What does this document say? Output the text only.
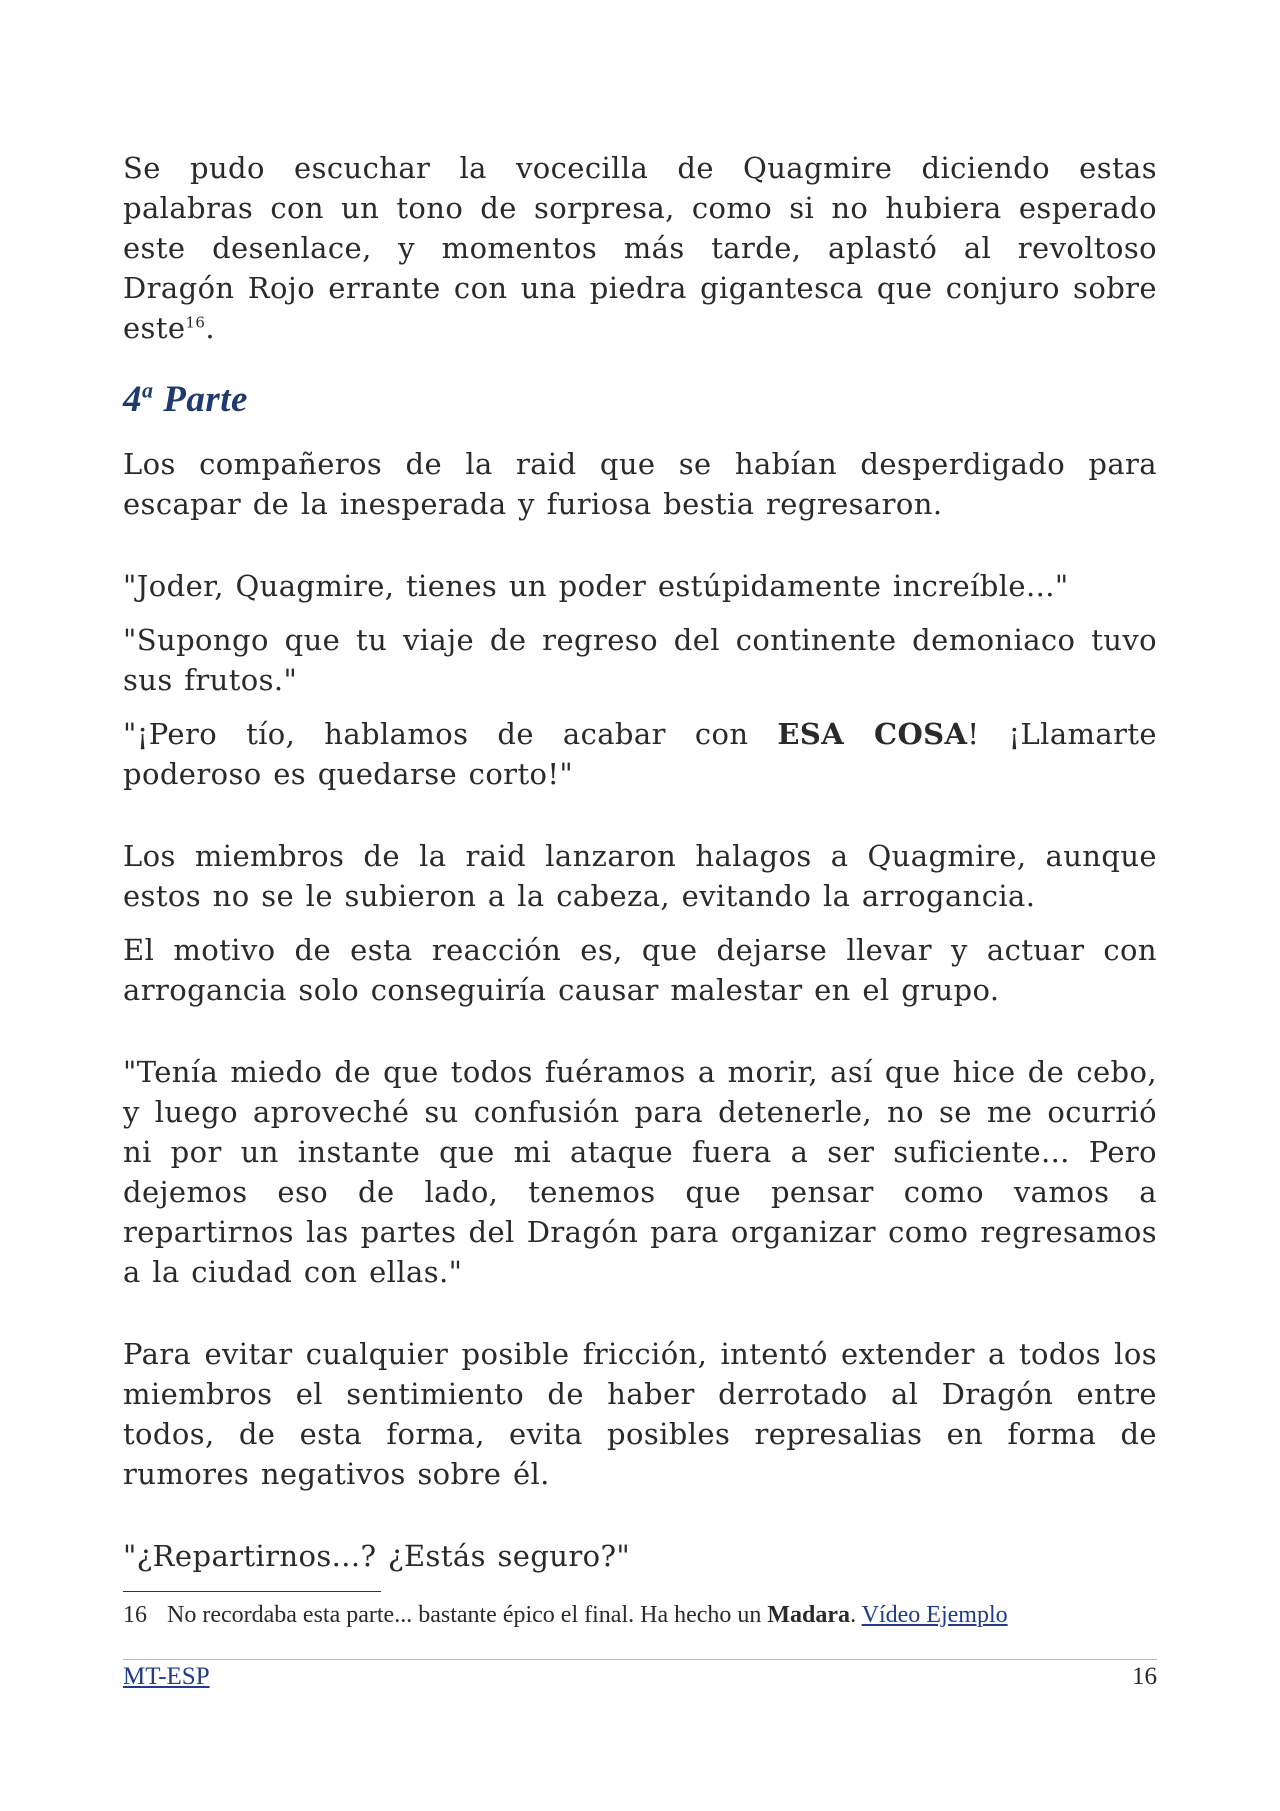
Se pudo escuchar la vocecilla de Quagmire diciendo estas palabras con un tono de sorpresa, como si no hubiera esperado este desenlace, y momentos más tarde, aplastó al revoltoso Dragón Rojo errante con una piedra gigantesca que conjuro sobre este$^{16}$.

4$^a$ Parte

Los compañeros de la raid que se habían desperdigado para escapar de la inesperada y furiosa bestia regresaron.

"Joder, Quagmire, tienes un poder estúpidamente increíble..."

"Supongo que tu viaje de regreso del continente demoniaco tuvo sus frutos."

"¡Pero tío, hablamos de acabar con ESA COSA! ¡Llamarte poderoso es quedarse corto!"

Los miembros de la raid lanzaron halagos a Quagmire, aunque estos no se le subieron a la cabeza, evitando la arrogancia.

El motivo de esta reacción es, que dejarse llevar y actuar con arrogancia solo conseguiría causar malestar en el grupo.

"Tenía miedo de que todos fuéramos a morir, así que hice de cebo, y luego aproveché su confusión para detenerle, no se me ocurrió ni por un instante que mi ataque fuera a ser suficiente... Pero dejemos eso de lado, tenemos que pensar como vamos a repartirnos las partes del Dragón para organizar como regresamos a la ciudad con ellas."

Para evitar cualquier posible fricción, intentó extender a todos los miembros el sentimiento de haber derrotado al Dragón entre todos, de esta forma, evita posibles represalias en forma de rumores negativos sobre él.

"¿Repartirnos...? ¿Estás seguro?"

16 No recordaba esta parte... bastante épico el final. Ha hecho un Madara. Vídeo Ejemplo
MT-ESP	16
